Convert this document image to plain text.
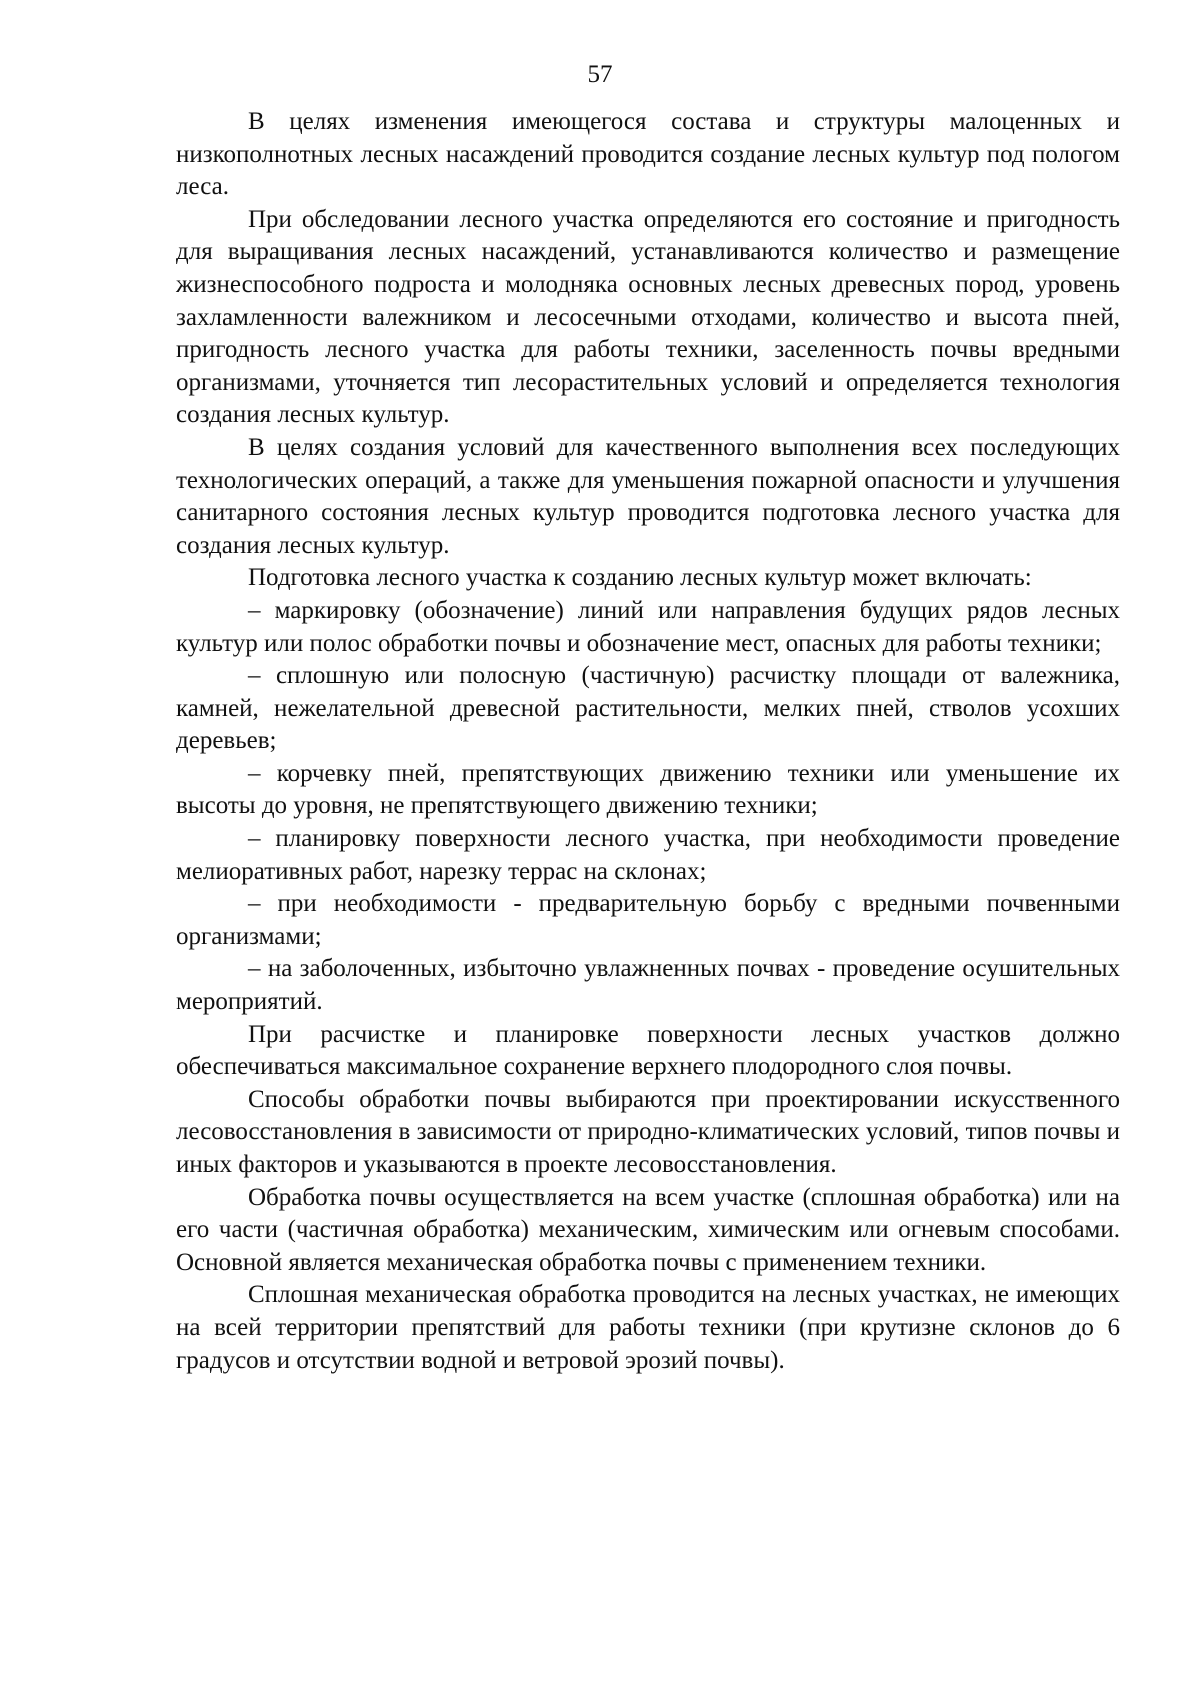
57

В целях изменения имеющегося состава и структуры малоценных и низкополнотных лесных насаждений проводится создание лесных культур под пологом леса.

При обследовании лесного участка определяются его состояние и пригодность для выращивания лесных насаждений, устанавливаются количество и размещение жизнеспособного подроста и молодняка основных лесных древесных пород, уровень захламленности валежником и лесосечными отходами, количество и высота пней, пригодность лесного участка для работы техники, заселенность почвы вредными организмами, уточняется тип лесорастительных условий и определяется технология создания лесных культур.

В целях создания условий для качественного выполнения всех последующих технологических операций, а также для уменьшения пожарной опасности и улучшения санитарного состояния лесных культур проводится подготовка лесного участка для создания лесных культур.

Подготовка лесного участка к созданию лесных культур может включать:

– маркировку (обозначение) линий или направления будущих рядов лесных культур или полос обработки почвы и обозначение мест, опасных для работы техники;

– сплошную или полосную (частичную) расчистку площади от валежника, камней, нежелательной древесной растительности, мелких пней, стволов усохших деревьев;

– корчевку пней, препятствующих движению техники или уменьшение их высоты до уровня, не препятствующего движению техники;

– планировку поверхности лесного участка, при необходимости проведение мелиоративных работ, нарезку террас на склонах;

– при необходимости - предварительную борьбу с вредными почвенными организмами;

– на заболоченных, избыточно увлажненных почвах - проведение осушительных мероприятий.

При расчистке и планировке поверхности лесных участков должно обеспечиваться максимальное сохранение верхнего плодородного слоя почвы.

Способы обработки почвы выбираются при проектировании искусственного лесовосстановления в зависимости от природно-климатических условий, типов почвы и иных факторов и указываются в проекте лесовосстановления.

Обработка почвы осуществляется на всем участке (сплошная обработка) или на его части (частичная обработка) механическим, химическим или огневым способами. Основной является механическая обработка почвы с применением техники.

Сплошная механическая обработка проводится на лесных участках, не имеющих на всей территории препятствий для работы техники (при крутизне склонов до 6 градусов и отсутствии водной и ветровой эрозий почвы).
